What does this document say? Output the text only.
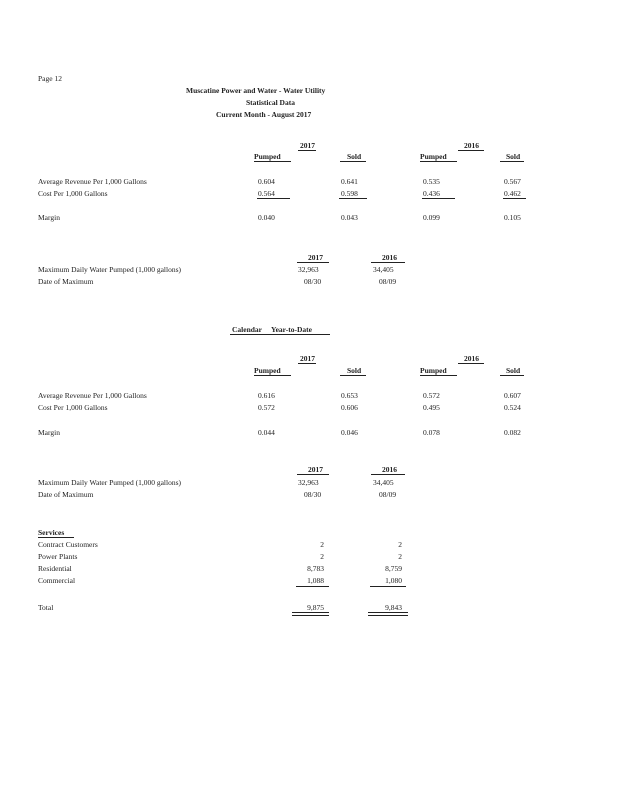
Page 12
Muscatine Power and Water - Water Utility
Statistical Data
Current Month - August 2017
2017	2016
Pumped	Sold	Pumped	Sold
Average Revenue Per 1,000 Gallons	0.604	0.641	0.535	0.567
Cost Per 1,000 Gallons	0.564	0.598	0.436	0.462
Margin	0.040	0.043	0.099	0.105
2017	2016
Maximum Daily Water Pumped (1,000 gallons)	32,963	34,405
Date of Maximum	08/30	08/09
Calendar Year-to-Date
2017	2016
Pumped	Sold	Pumped	Sold
Average Revenue Per 1,000 Gallons	0.616	0.653	0.572	0.607
Cost Per 1,000 Gallons	0.572	0.606	0.495	0.524
Margin	0.044	0.046	0.078	0.082
2017	2016
Maximum Daily Water Pumped (1,000 gallons)	32,963	34,405
Date of Maximum	08/30	08/09
Services
Contract Customers	2	2
Power Plants	2	2
Residential	8,783	8,759
Commercial	1,088	1,080
Total	9,875	9,843
